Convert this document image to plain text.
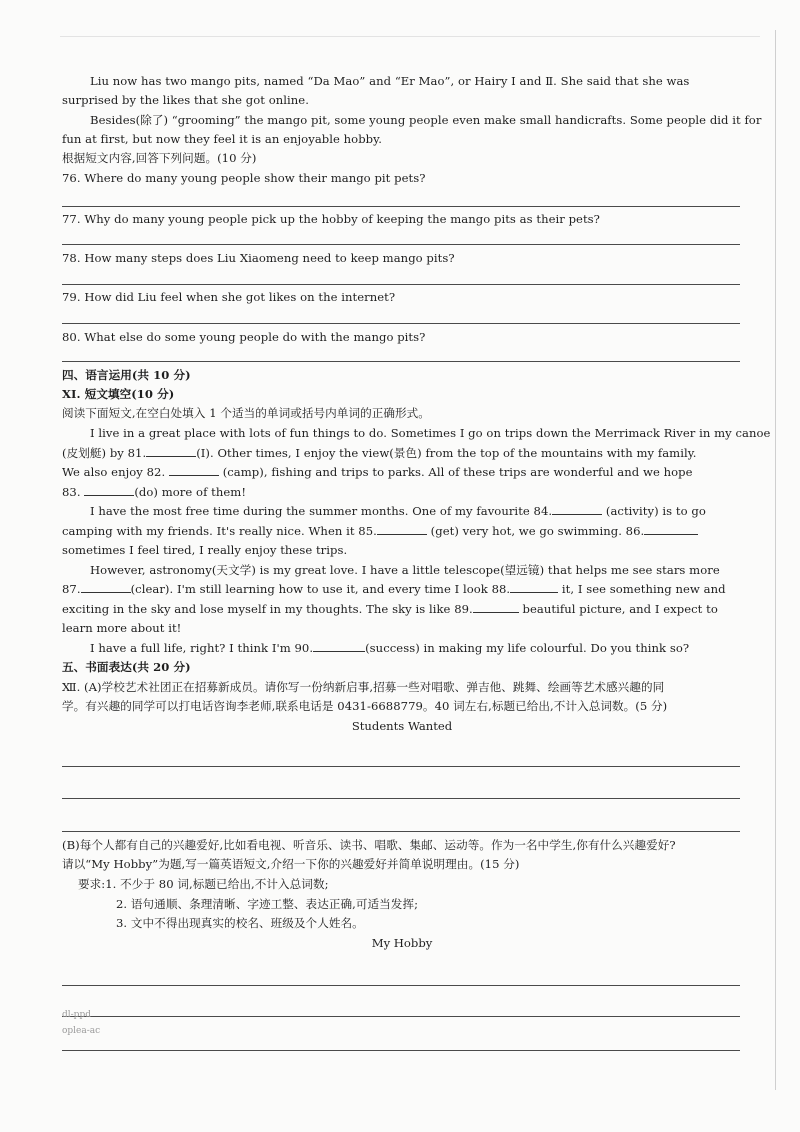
Liu now has two mango pits, named “Da Mao” and “Er Mao”, or Hairy Ⅰ and Ⅱ. She said that she was
surprised by the likes that she got online.
Besides(除了) “grooming” the mango pit, some young people even make small handicrafts. Some people did it for
fun at first, but now they feel it is an enjoyable hobby.
根据短文内容,回答下列问题。(10 分)
76. Where do many young people show their mango pit pets?
77. Why do many young people pick up the hobby of keeping the mango pits as their pets?
78. How many steps does Liu Xiaomeng need to keep mango pits?
79. How did Liu feel when she got likes on the internet?
80. What else do some young people do with the mango pits?
四、语言运用(共 10 分)
XI. 短文填空(10 分)
阅读下面短文,在空白处填入 1 个适当的单词或括号内单词的正确形式。
I live in a great place with lots of fun things to do. Sometimes I go on trips down the Merrimack River in my canoe
(皮划艇) by 81.	(I). Other times, I enjoy the view(景色) from the top of the mountains with my family.
We also enjoy 82.	(camp), fishing and trips to parks. All of these trips are wonderful and we hope
83.	(do) more of them!
I have the most free time during the summer months. One of my favourite 84.	(activity) is to go
camping with my friends. It's really nice. When it 85.	(get) very hot, we go swimming. 86.
sometimes I feel tired, I really enjoy these trips.
However, astronomy(天文学) is my great love. I have a little telescope(望远镜) that helps me see stars more
87.	(clear). I'm still learning how to use it, and every time I look 88.	it, I see something new and
exciting in the sky and lose myself in my thoughts. The sky is like 89.	beautiful picture, and I expect to
learn more about it!
I have a full life, right? I think I'm 90.	(success) in making my life colourful. Do you think so?
五、书面表达(共 20 分)
Ⅻ. (A)学校艺术社团正在招募新成员。请你写一份纳新启事,招募一些对唱歌、弹吉他、跳舞、绘画等艺术感兴趣的同
学。有兴趣的同学可以打电话咨询李老师,联系电话是 0431-6688779。40 词左右,标题已给出,不计入总词数。(5 分)
Students Wanted
(B)每个人都有自己的兴趣爱好,比如看电视、听音乐、读书、唱歌、集邮、运动等。作为一名中学生,你有什么兴趣爱好?
请以“My Hobby”为题,写一篇英语短文,介绍一下你的兴趣爱好并简单说明理由。(15 分)
要求:1. 不少于 80 词,标题已给出,不计入总词数;
2. 语句通顺、条理清晰、字迹工整、表达正确,可适当发挥;
3. 文中不得出现真实的校名、班级及个人姓名。
My Hobby
dl-ppd
oplea-ac
